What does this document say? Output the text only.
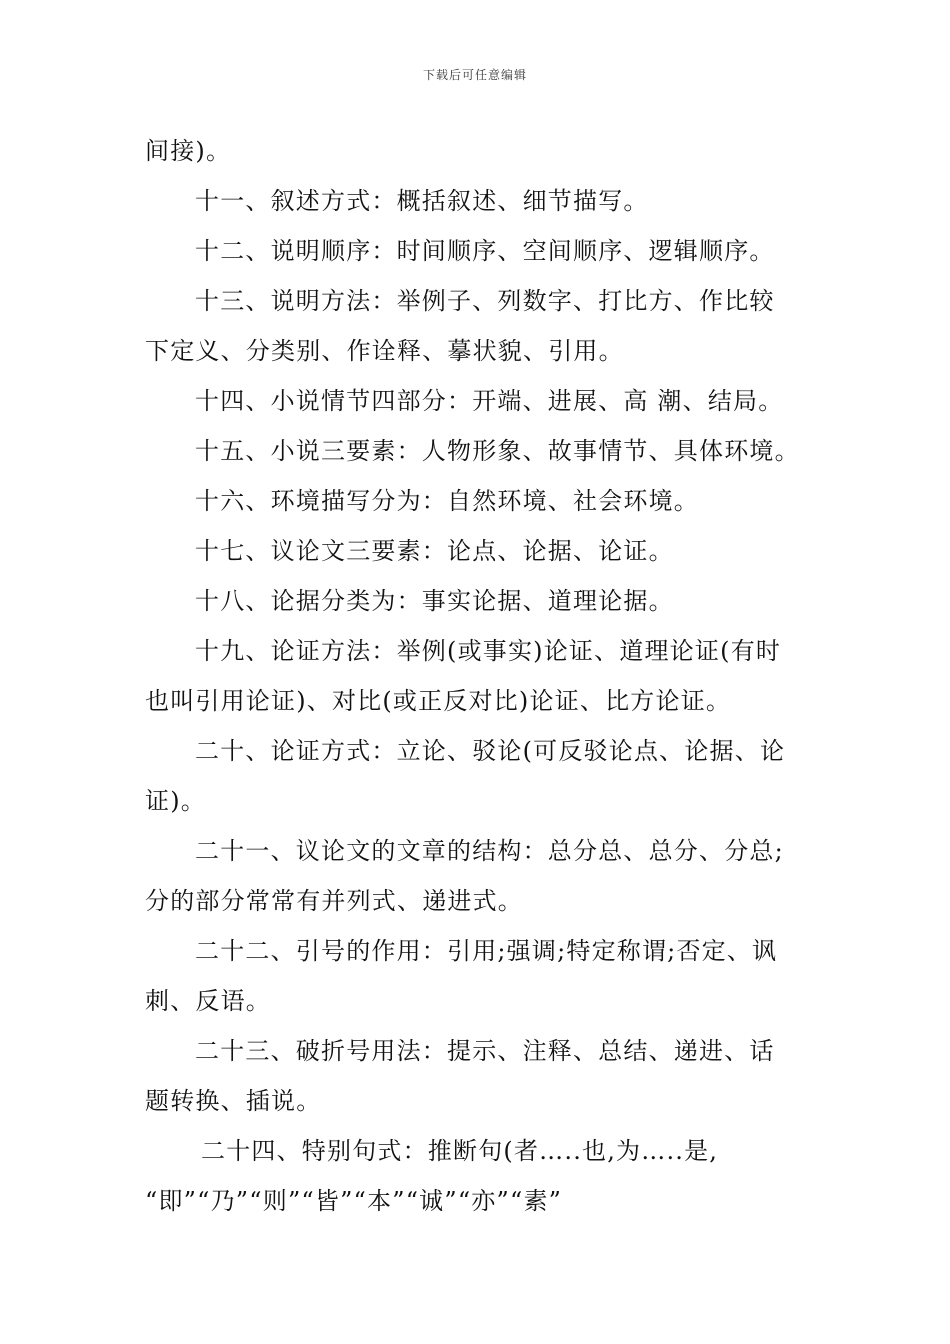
下载后可任意编辑
间接)。
十一、叙述方式：概括叙述、细节描写。
十二、说明顺序：时间顺序、空间顺序、逻辑顺序。
十三、说明方法：举例子、列数字、打比方、作比较
下定义、分类别、作诠释、摹状貌、引用。
十四、小说情节四部分：开端、进展、高 潮、结局。
十五、小说三要素：人物形象、故事情节、具体环境。
十六、环境描写分为：自然环境、社会环境。
十七、议论文三要素：论点、论据、论证。
十八、论据分类为：事实论据、道理论据。
十九、论证方法：举例(或事实)论证、道理论证(有时
也叫引用论证)、对比(或正反对比)论证、比方论证。
二十、论证方式：立论、驳论(可反驳论点、论据、论
证)。
二十一、议论文的文章的结构：总分总、总分、分总;
分的部分常常有并列式、递进式。
二十二、引号的作用：引用;强调;特定称谓;否定、讽
刺、反语。
二十三、破折号用法：提示、注释、总结、递进、话
题转换、插说。
二十四、特别句式：推断句(者…..也,为…..是,
“即”“乃”“则”“皆”“本”“诚”“亦”“素”
